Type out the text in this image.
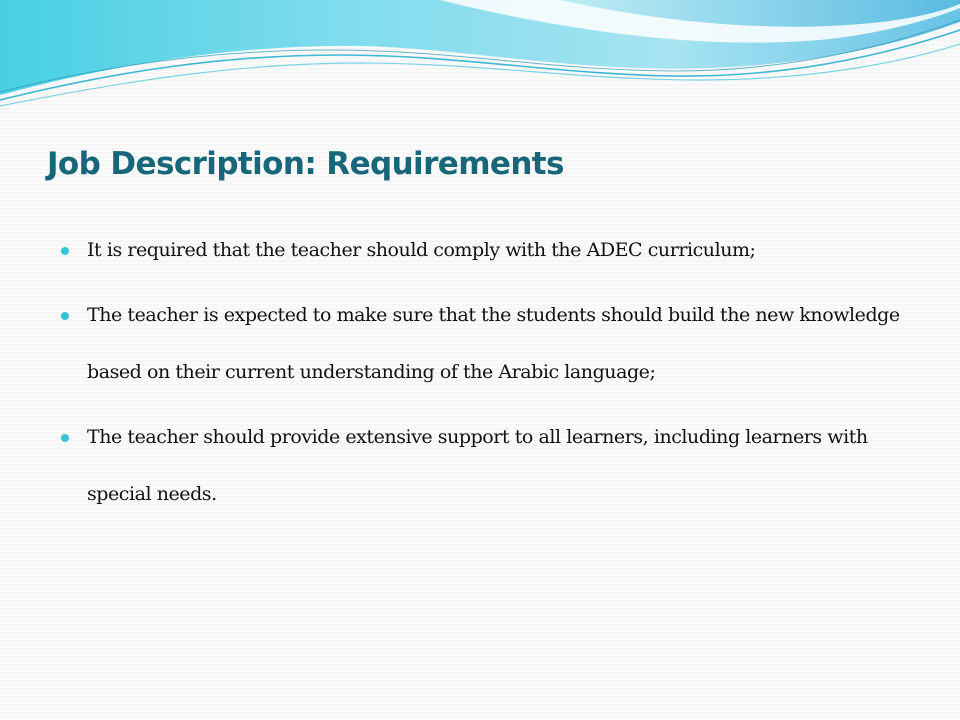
Job Description: Requirements
It is required that the teacher should comply with the ADEC curriculum;
The teacher is expected to make sure that the students should build the new knowledge based on their current understanding of the Arabic language;
The teacher should provide extensive support to all learners, including learners with special needs.
